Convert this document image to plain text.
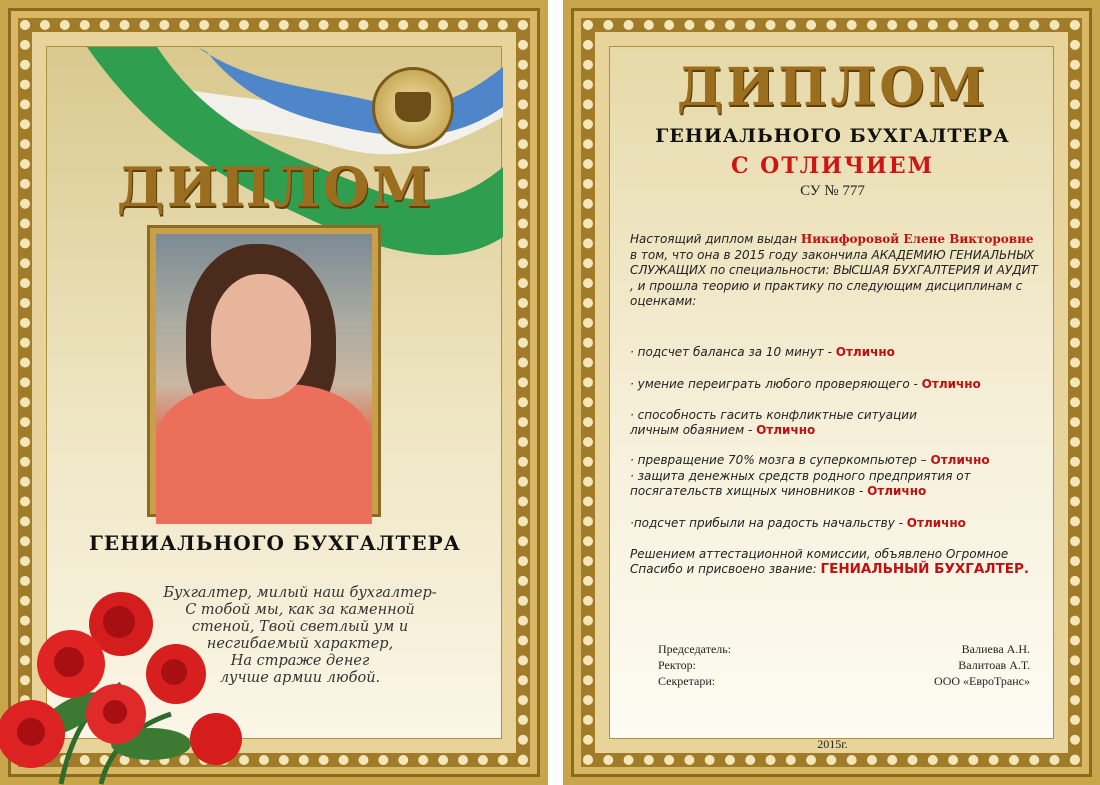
ДИПЛОМ
ГЕНИАЛЬНОГО БУХГАЛТЕРА
Бухгалтер, милый наш бухгалтер-
С тобой мы, как за каменной
стеной, Твой светлый ум и
несгибаемый характер,
На страже денег
лучше армии любой.
ДИПЛОМ
ГЕНИАЛЬНОГО БУХГАЛТЕРА
С ОТЛИЧИЕМ
СУ № 777
Настоящий диплом выдан Никифоровой Елене Викторовне в том, что она в 2015 году закончила АКАДЕМИЮ ГЕНИАЛЬНЫХ СЛУЖАЩИХ по специальности: ВЫСШАЯ БУХГАЛТЕРИЯ И АУДИТ , и прошла теорию и практику по следующим дисциплинам с оценками:
· подсчет баланса за 10 минут - Отлично
· умение переиграть любого проверяющего - Отлично
· способность гасить конфликтные ситуации личным обаянием - Отлично
· превращение 70% мозга в суперкомпьютер – Отлично
· защита денежных средств родного предприятия от посягательств хищных чиновников - Отлично
·подсчет прибыли на радость начальству - Отлично
Решением аттестационной комиссии, объявлено Огромное Спасибо и присвоено звание: ГЕНИАЛЬНЫЙ БУХГАЛТЕР.
Председатель:	Валиева А.Н.
Ректор:	Валитоав А.Т.
Секретари:	ООО «ЕвроТранс»
2015г.
